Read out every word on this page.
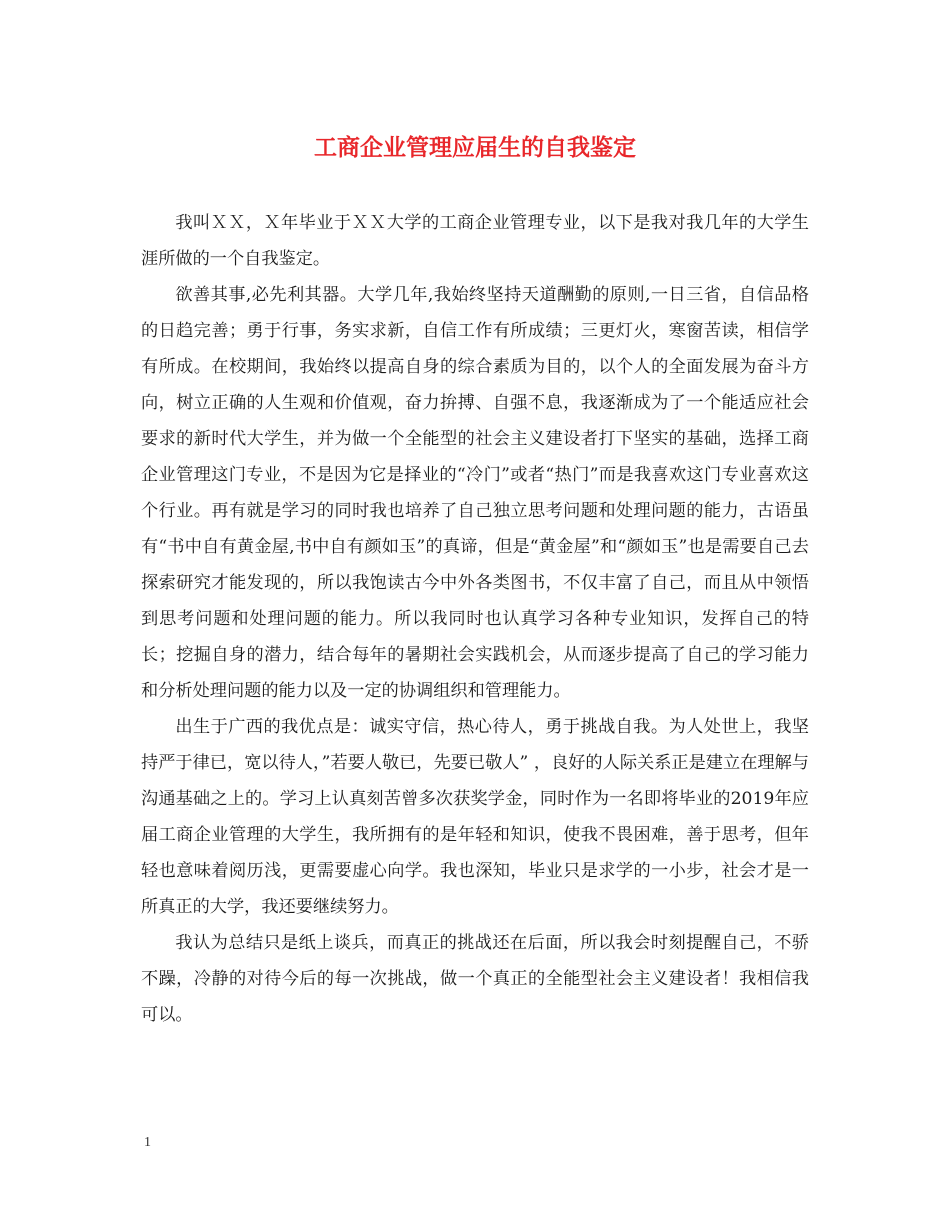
工商企业管理应届生的自我鉴定

我叫ＸＸ，Ｘ年毕业于ＸＸ大学的工商企业管理专业，以下是我对我几年的大学生涯所做的一个自我鉴定。

欲善其事,必先利其器。大学几年,我始终坚持天道酬勤的原则,一日三省，自信品格的日趋完善；勇于行事，务实求新，自信工作有所成绩；三更灯火，寒窗苦读，相信学有所成。在校期间，我始终以提高自身的综合素质为目的，以个人的全面发展为奋斗方向，树立正确的人生观和价值观，奋力拚搏、自强不息，我逐渐成为了一个能适应社会要求的新时代大学生，并为做一个全能型的社会主义建设者打下坚实的基础，选择工商企业管理这门专业，不是因为它是择业的“冷门”或者“热门”而是我喜欢这门专业喜欢这个行业。再有就是学习的同时我也培养了自己独立思考问题和处理问题的能力，古语虽有“书中自有黄金屋,书中自有颜如玉”的真谛，但是“黄金屋”和“颜如玉”也是需要自己去探索研究才能发现的，所以我饱读古今中外各类图书，不仅丰富了自己，而且从中领悟到思考问题和处理问题的能力。所以我同时也认真学习各种专业知识，发挥自己的特长；挖掘自身的潜力，结合每年的暑期社会实践机会，从而逐步提高了自己的学习能力和分析处理问题的能力以及一定的协调组织和管理能力。

出生于广西的我优点是：诚实守信，热心待人，勇于挑战自我。为人处世上，我坚持严于律已，宽以待人，”若要人敬已，先要已敬人” ，良好的人际关系正是建立在理解与沟通基础之上的。学习上认真刻苦曾多次获奖学金，同时作为一名即将毕业的2019年应届工商企业管理的大学生，我所拥有的是年轻和知识，使我不畏困难，善于思考，但年轻也意味着阅历浅，更需要虚心向学。我也深知，毕业只是求学的一小步，社会才是一所真正的大学，我还要继续努力。

我认为总结只是纸上谈兵，而真正的挑战还在后面，所以我会时刻提醒自己，不骄不躁，冷静的对待今后的每一次挑战，做一个真正的全能型社会主义建设者！我相信我可以。

1
